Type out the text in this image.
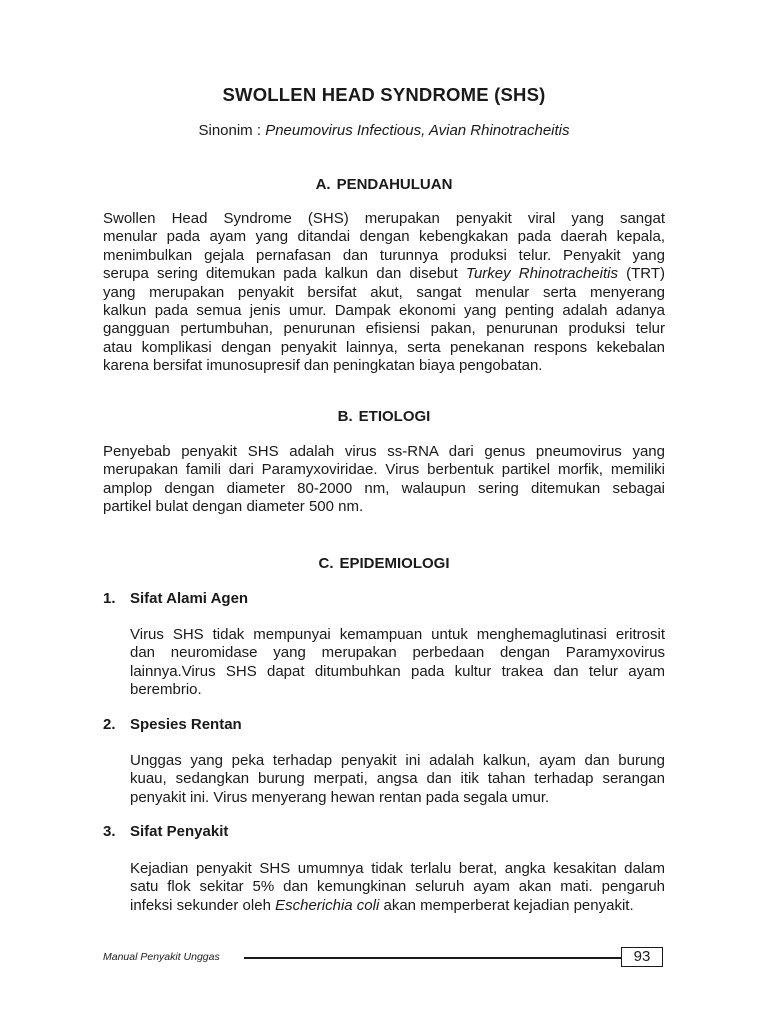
SWOLLEN HEAD SYNDROME (SHS)
Sinonim : Pneumovirus Infectious, Avian Rhinotracheitis
A. PENDAHULUAN
Swollen Head Syndrome (SHS) merupakan penyakit viral yang sangat
menular pada ayam yang ditandai dengan kebengkakan pada daerah kepala,
menimbulkan gejala pernafasan dan turunnya produksi telur. Penyakit yang
serupa sering ditemukan pada kalkun dan disebut Turkey Rhinotracheitis (TRT)
yang merupakan penyakit bersifat akut, sangat menular serta menyerang
kalkun pada semua jenis umur. Dampak ekonomi yang penting adalah adanya
gangguan pertumbuhan, penurunan efisiensi pakan, penurunan produksi telur
atau komplikasi dengan penyakit lainnya, serta penekanan respons kekebalan
karena bersifat imunosupresif dan peningkatan biaya pengobatan.
B. ETIOLOGI
Penyebab penyakit SHS adalah virus ss-RNA dari genus pneumovirus yang
merupakan famili dari Paramyxoviridae. Virus berbentuk partikel morfik, memiliki
amplop dengan diameter 80-2000 nm, walaupun sering ditemukan sebagai
partikel bulat dengan diameter 500 nm.
C. EPIDEMIOLOGI
1. Sifat Alami Agen
Virus SHS tidak mempunyai kemampuan untuk menghemaglutinasi eritrosit
dan neuromidase yang merupakan perbedaan dengan Paramyxovirus
lainnya.Virus SHS dapat ditumbuhkan pada kultur trakea dan telur ayam
berembrio.
2. Spesies Rentan
Unggas yang peka terhadap penyakit ini adalah kalkun, ayam dan burung
kuau, sedangkan burung merpati, angsa dan itik tahan terhadap serangan
penyakit ini. Virus menyerang hewan rentan pada segala umur.
3. Sifat Penyakit
Kejadian penyakit SHS umumnya tidak terlalu berat, angka kesakitan dalam
satu flok sekitar 5% dan kemungkinan seluruh ayam akan mati. pengaruh
infeksi sekunder oleh Escherichia coli akan memperberat kejadian penyakit.
Manual Penyakit Unggas	93
